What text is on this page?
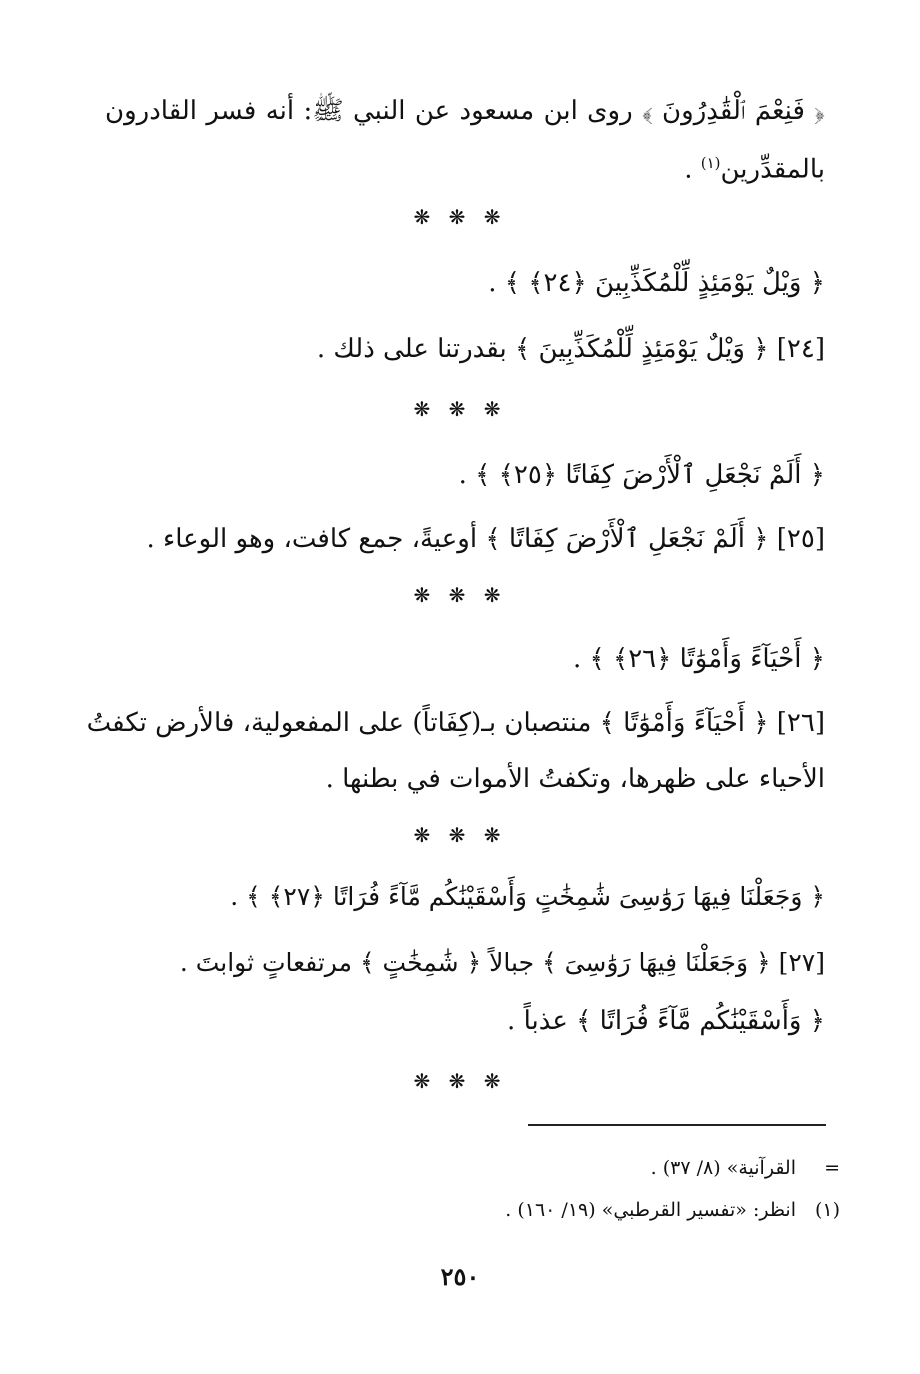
﴿ فَنِعْمَ ٱلْقَٰدِرُونَ ﴾ روى ابن مسعود عن النبي ﷺ: أنه فسر القادرون
بالمقدِّرين$^{(١)}$ .
❋ ❋ ❋
﴿ وَيْلٌ يَوْمَئِذٍ لِّلْمُكَذِّبِينَ ﴿٢٤﴾ ﴾ .
[٢٤] ﴿ وَيْلٌ يَوْمَئِذٍ لِّلْمُكَذِّبِينَ ﴾ بقدرتنا على ذلك .
❋ ❋ ❋
﴿ أَلَمْ نَجْعَلِ ٱلْأَرْضَ كِفَاتًا ﴿٢٥﴾ ﴾ .
[٢٥] ﴿ أَلَمْ نَجْعَلِ ٱلْأَرْضَ كِفَاتًا ﴾ أوعيةً، جمع كافت، وهو الوعاء .
❋ ❋ ❋
﴿ أَحْيَآءً وَأَمْوَٰتًا ﴿٢٦﴾ ﴾ .
[٢٦] ﴿ أَحْيَآءً وَأَمْوَٰتًا ﴾ منتصبان بـ(كِفَاتاً) على المفعولية، فالأرض تكفتُ
الأحياء على ظهرها، وتكفتُ الأموات في بطنها .
❋ ❋ ❋
﴿ وَجَعَلْنَا فِيهَا رَوَٰسِىَ شَٰمِخَٰتٍ وَأَسْقَيْنَٰكُم مَّآءً فُرَاتًا ﴿٢٧﴾ ﴾ .
[٢٧] ﴿ وَجَعَلْنَا فِيهَا رَوَٰسِىَ ﴾ جبالاً ﴿ شَٰمِخَٰتٍ ﴾ مرتفعاتٍ ثوابتَ .
﴿ وَأَسْقَيْنَٰكُم مَّآءً فُرَاتًا ﴾ عذباً .
❋ ❋ ❋
=القرآنية» (٨/ ٣٧) .
(١)انظر: «تفسير القرطبي» (١٩/ ١٦٠) .
٢٥٠
